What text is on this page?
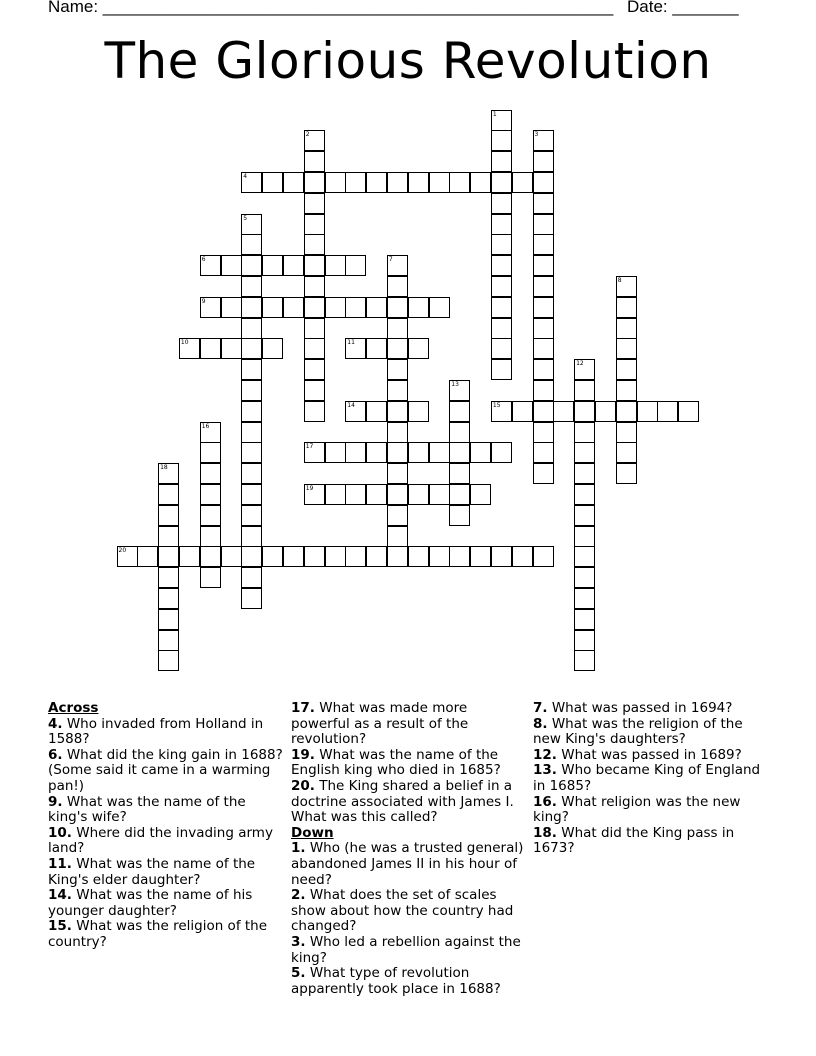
Name: ______________________________________________________ Date: _______
The Glorious Revolution
1
2	3
4
5
6	7
8
9
10	11
12
13
14	15
16
17
18
19
20
Across
4. Who invaded from Holland in 1588?
6. What did the king gain in 1688? (Some said it came in a warming pan!)
9. What was the name of the king's wife?
10. Where did the invading army land?
11. What was the name of the King's elder daughter?
14. What was the name of his younger daughter?
15. What was the religion of the country?
17. What was made more powerful as a result of the revolution?
19. What was the name of the English king who died in 1685?
20. The King shared a belief in a doctrine associated with James I. What was this called?
Down
1. Who (he was a trusted general) abandoned James II in his hour of need?
2. What does the set of scales show about how the country had changed?
3. Who led a rebellion against the king?
5. What type of revolution apparently took place in 1688?
7. What was passed in 1694?
8. What was the religion of the new King's daughters?
12. What was passed in 1689?
13. Who became King of England in 1685?
16. What religion was the new king?
18. What did the King pass in 1673?
